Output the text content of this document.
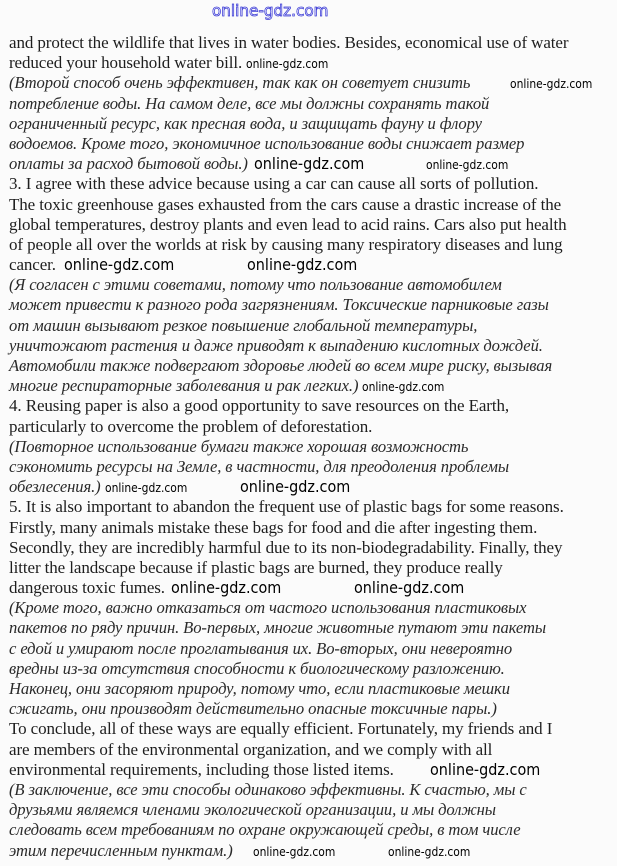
and protect the wildlife that lives in water bodies. Besides, economical use of water
reduced your household water bill. online-gdz.com
(Второй способ очень эффективен, так как он советует снизить	online-gdz.com
потребление воды. На самом деле, все мы должны сохранять такой
ограниченный ресурс, как пресная вода, и защищать фауну и флору
водоемов. Кроме того, экономичное использование воды снижает размер
оплаты за расход бытовой воды.) online-gdz.com	online-gdz.com
3. I agree with these advice because using a car can cause all sorts of pollution.
The toxic greenhouse gases exhausted from the cars cause a drastic increase of the
global temperatures, destroy plants and even lead to acid rains. Cars also put health
of people all over the worlds at risk by causing many respiratory diseases and lung
cancer. online-gdz.com	online-gdz.com
(Я согласен с этими советами, потому что пользование автомобилем
может привести к разного рода загрязнениям. Токсические парниковые газы
от машин вызывают резкое повышение глобальной температуры,
уничтожают растения и даже приводят к выпадению кислотных дождей.
Автомобили также подвергают здоровье людей во всем мире риску, вызывая
многие респираторные заболевания и рак легких.) online-gdz.com
4. Reusing paper is also a good opportunity to save resources on the Earth,
particularly to overcome the problem of deforestation.
(Повторное использование бумаги также хорошая возможность
сэкономить ресурсы на Земле, в частности, для преодоления проблемы
обезлесения.) online-gdz.com	online-gdz.com
5. It is also important to abandon the frequent use of plastic bags for some reasons.
Firstly, many animals mistake these bags for food and die after ingesting them.
Secondly, they are incredibly harmful due to its non-biodegradability. Finally, they
litter the landscape because if plastic bags are burned, they produce really
dangerous toxic fumes. online-gdz.com	online-gdz.com
(Кроме того, важно отказаться от частого использования пластиковых
пакетов по ряду причин. Во-первых, многие животные путают эти пакеты
с едой и умирают после проглатывания их. Во-вторых, они невероятно
вредны из-за отсутствия способности к биологическому разложению.
Наконец, они засоряют природу, потому что, если пластиковые мешки
сжигать, они производят действительно опасные токсичные пары.)
To conclude, all of these ways are equally efficient. Fortunately, my friends and I
are members of the environmental organization, and we comply with all
environmental requirements, including those listed items. online-gdz.com
(В заключение, все эти способы одинаково эффективны. К счастью, мы с
друзьями являемся членами экологической организации, и мы должны
следовать всем требованиям по охране окружающей среды, в том числе
этим перечисленным пунктам.) online-gdz.com	online-gdz.com
online-gdz.com
